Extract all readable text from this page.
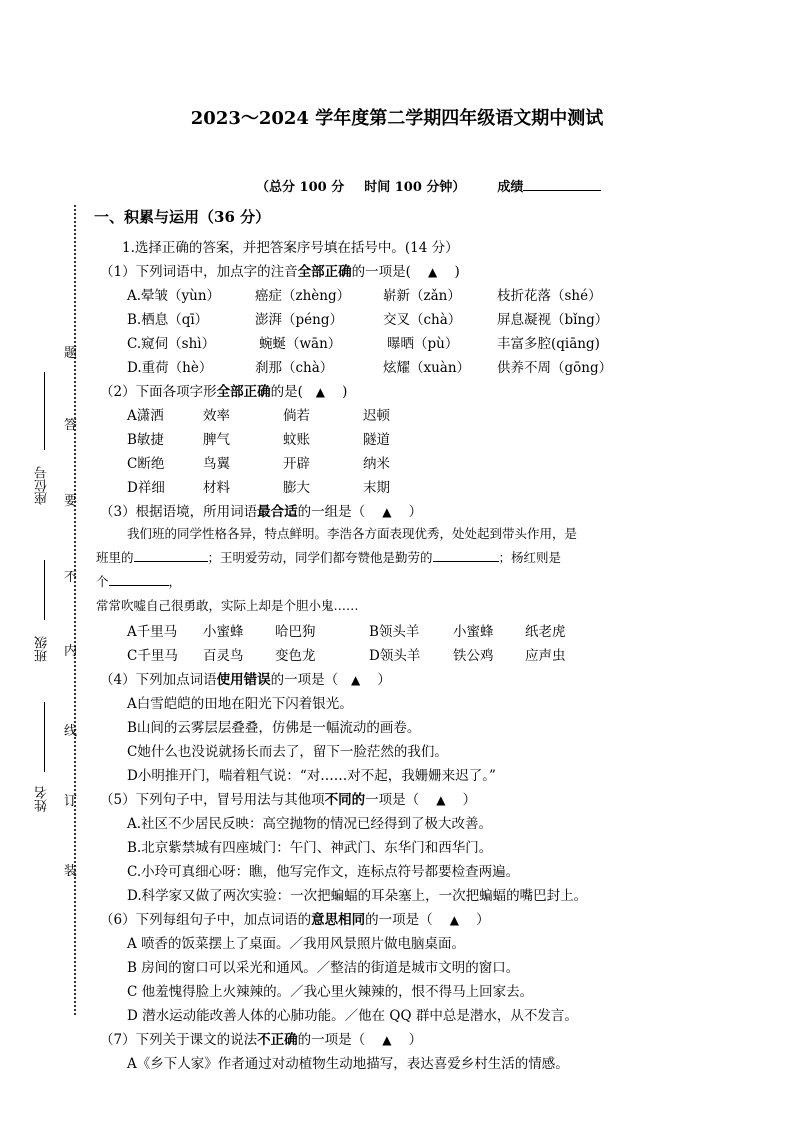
2023～2024 学年度第二学期四年级语文期中测试
（总分 100 分 时间 100 分钟） 成绩
座位号
班级
姓名
题
答
要
不
内
线
订
装
一、积累与运用（36 分）
1.选择正确的答案，并把答案序号填在括号中。(14 分）
（1）下列词语中，加点字的注音全部正确的一项是( ▲ )
A.晕皱（yùn）	癌症（zhèng） 崭新（zǎn）	枝折花落（shé）
B.栖息（qī）	澎湃（péng）	交叉（chà）	屏息凝视（bǐng）
C.窥伺（shì）	蜿蜒（wān）	曝晒（pù）	丰富多腔(qiāng)
D.重荷（hè）	刹那（chà）	炫耀（xuàn） 供养不周（gōng）
（2）下面各项字形全部正确的是( ▲ )
A潇洒	效率	倘若	迟顿
B敏捷	脾气	蚊账	隧道
C断绝	鸟翼	开辟	纳米
D祥细	材料	膨大	末期
（3）根据语境，所用词语最合适的一组是（ ▲ ）
我们班的同学性格各异，特点鲜明。李浩各方面表现优秀，处处起到带头作用，是
班里的	；王明爱劳动，同学们都夸赞他是勤劳的	；杨红则是
个	，
常常吹嘘自己很勇敢，实际上却是个胆小鬼……
A千里马 小蜜蜂 哈巴狗	B领头羊 小蜜蜂 纸老虎
C千里马 百灵鸟 变色龙	D领头羊 铁公鸡 应声虫
（4）下列加点词语使用错误的一项是（ ▲ ）
A白雪皑皑的田地在阳光下闪着银光。
B山间的云雾层层叠叠，仿佛是一幅流动的画卷。
C她什么也没说就扬长而去了，留下一脸茫然的我们。
D小明推开门，喘着粗气说：“对……对不起，我姗姗来迟了。”
（5）下列句子中，冒号用法与其他项不同的一项是（ ▲ ）
A.社区不少居民反映：高空抛物的情况已经得到了极大改善。
B.北京紫禁城有四座城门：午门、神武门、东华门和西华门。
C.小玲可真细心呀：瞧，他写完作文，连标点符号都要检查两遍。
D.科学家又做了两次实验：一次把蝙蝠的耳朵塞上，一次把蝙蝠的嘴巴封上。
（6）下列每组句子中，加点词语的意思相同的一项是（ ▲ ）
A 喷香的饭菜摆上了桌面。／我用风景照片做电脑桌面。
B 房间的窗口可以采光和通风。／整洁的街道是城市文明的窗口。
C 他羞愧得脸上火辣辣的。／我心里火辣辣的，恨不得马上回家去。
D 潜水运动能改善人体的心肺功能。／他在 QQ 群中总是潜水，从不发言。
（7）下列关于课文的说法不正确的一项是（ ▲ ）
A《乡下人家》作者通过对动植物生动地描写，表达喜爱乡村生活的情感。
